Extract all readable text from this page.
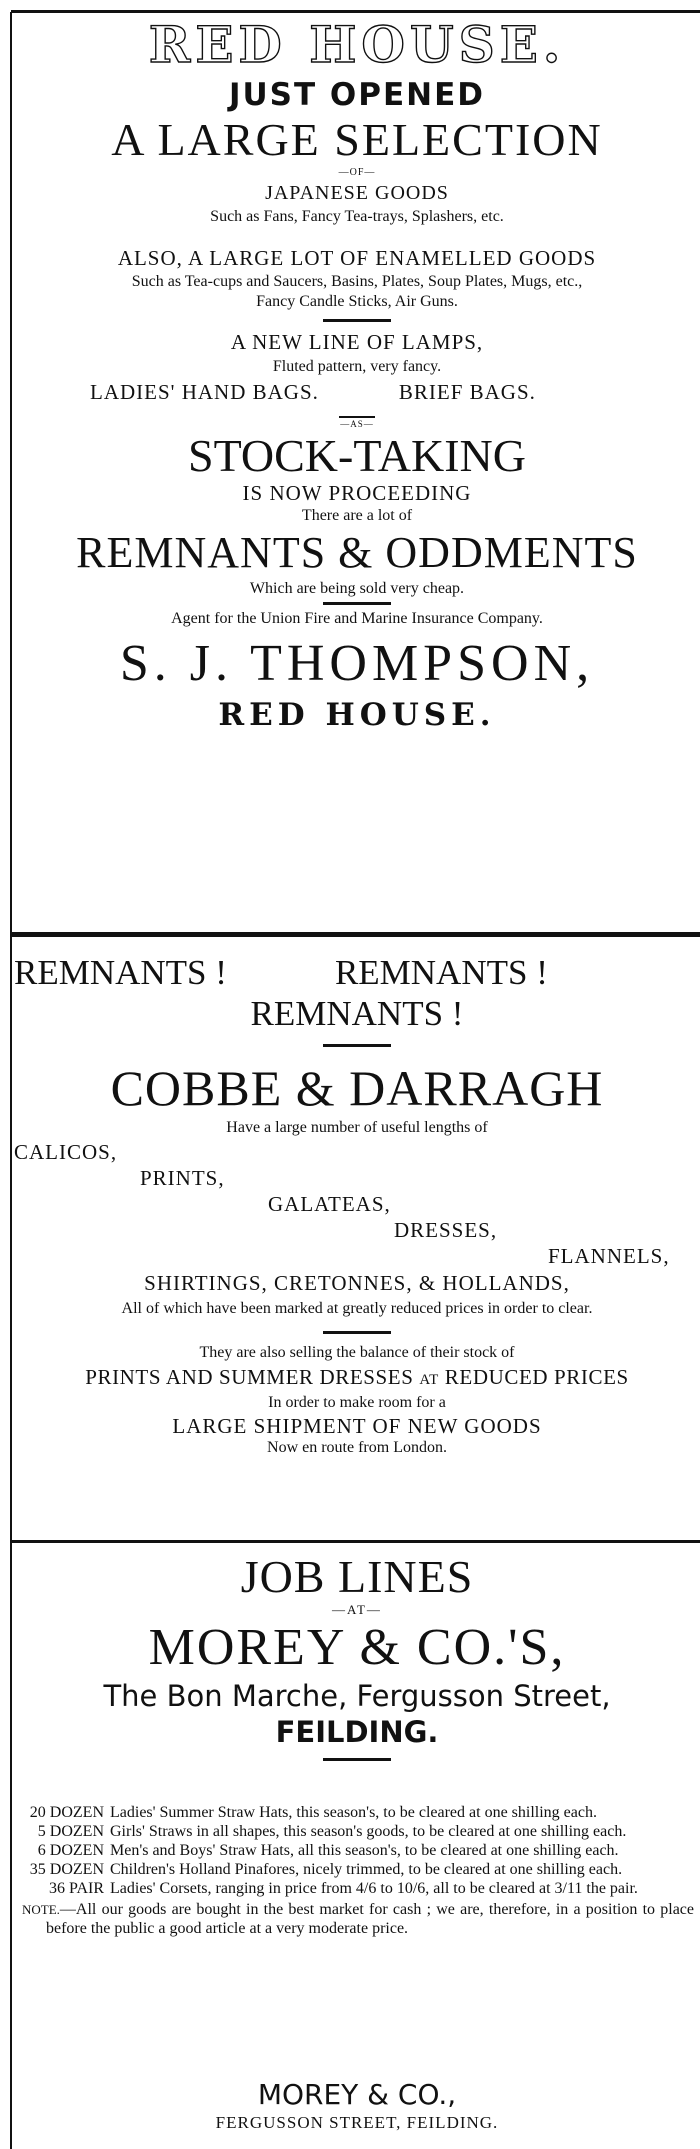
RED HOUSE.
JUST OPENED
A LARGE SELECTION
—OF—
JAPANESE GOODS
Such as Fans, Fancy Tea-trays, Splashers, etc.
ALSO, A LARGE LOT OF ENAMELLED GOODS
Such as Tea-cups and Saucers, Basins, Plates, Soup Plates, Mugs, etc.,
Fancy Candle Sticks, Air Guns.
A NEW LINE OF LAMPS,
Fluted pattern, very fancy.
LADIES' HAND BAGS.	BRIEF BAGS.
—AS—
STOCK-TAKING
IS NOW PROCEEDING
There are a lot of
REMNANTS & ODDMENTS
Which are being sold very cheap.
Agent for the Union Fire and Marine Insurance Company.
S. J. THOMPSON,
RED HOUSE.
REMNANTS !	REMNANTS !
REMNANTS !
COBBE & DARRAGH
Have a large number of useful lengths of
CALICOS,
PRINTS,
GALATEAS,
DRESSES,
FLANNELS,
SHIRTINGS, CRETONNES, & HOLLANDS,
All of which have been marked at greatly reduced prices in order to clear.
They are also selling the balance of their stock of
PRINTS AND SUMMER DRESSES AT REDUCED PRICES
In order to make room for a
LARGE SHIPMENT OF NEW GOODS
Now en route from London.
JOB LINES
—AT—
MOREY & CO.'S,
The Bon Marche, Fergusson Street,
FEILDING.
20 DOZEN Ladies' Summer Straw Hats, this season's, to be cleared at one shilling each.
5 DOZEN Girls' Straws in all shapes, this season's goods, to be cleared at one shilling each.
6 DOZEN Men's and Boys' Straw Hats, all this season's, to be cleared at one shilling each.
35 DOZEN Children's Holland Pinafores, nicely trimmed, to be cleared at one shilling each.
36 PAIR Ladies' Corsets, ranging in price from 4/6 to 10/6, all to be cleared at 3/11 the pair.
NOTE.—All our goods are bought in the best market for cash ; we are, therefore, in a position to place before the public a good article at a very moderate price.
MOREY & CO.,
FERGUSSON STREET, FEILDING.
